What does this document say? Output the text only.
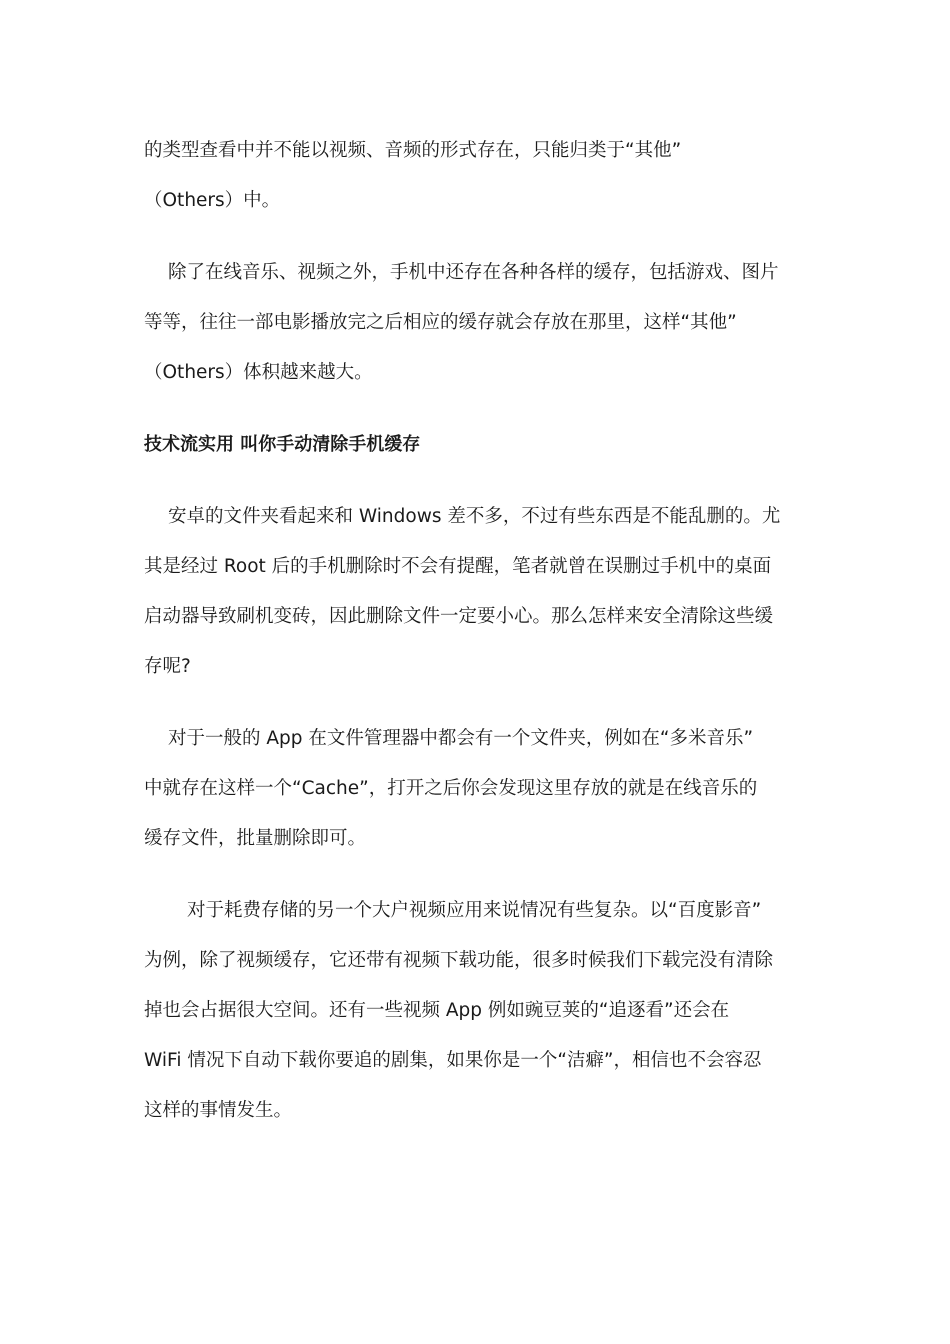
的类型查看中并不能以视频、音频的形式存在，只能归类于“其他”
（Others）中。
除了在线音乐、视频之外，手机中还存在各种各样的缓存，包括游戏、图片
等等，往往一部电影播放完之后相应的缓存就会存放在那里，这样“其他”
（Others）体积越来越大。
技术流实用 叫你手动清除手机缓存
安卓的文件夹看起来和 Windows 差不多，不过有些东西是不能乱删的。尤
其是经过 Root 后的手机删除时不会有提醒，笔者就曾在误删过手机中的桌面
启动器导致刷机变砖，因此删除文件一定要小心。那么怎样来安全清除这些缓
存呢?
对于一般的 App 在文件管理器中都会有一个文件夹，例如在“多米音乐”
中就存在这样一个“Cache”，打开之后你会发现这里存放的就是在线音乐的
缓存文件，批量删除即可。
对于耗费存储的另一个大户视频应用来说情况有些复杂。以“百度影音”
为例，除了视频缓存，它还带有视频下载功能，很多时候我们下载完没有清除
掉也会占据很大空间。还有一些视频 App 例如豌豆荚的“追逐看”还会在
WiFi 情况下自动下载你要追的剧集，如果你是一个“洁癖”，相信也不会容忍
这样的事情发生。
